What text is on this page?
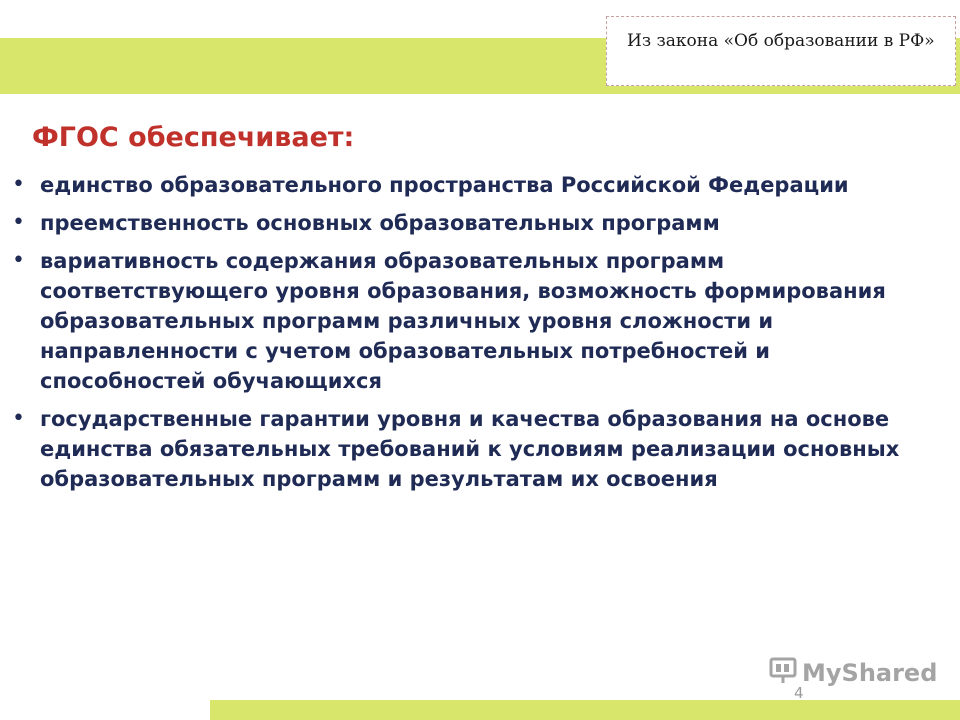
Из закона «Об образовании в РФ»
ФГОС обеспечивает:
• единство образовательного пространства Российской Федерации
• преемственность основных образовательных программ
• вариативность содержания образовательных программ соответствующего уровня образования, возможность формирования образовательных программ различных уровня сложности и направленности с учетом образовательных потребностей и способностей обучающихся
• государственные гарантии уровня и качества образования на основе единства обязательных требований к условиям реализации основных образовательных программ и результатам их освоения
MyShared
4
